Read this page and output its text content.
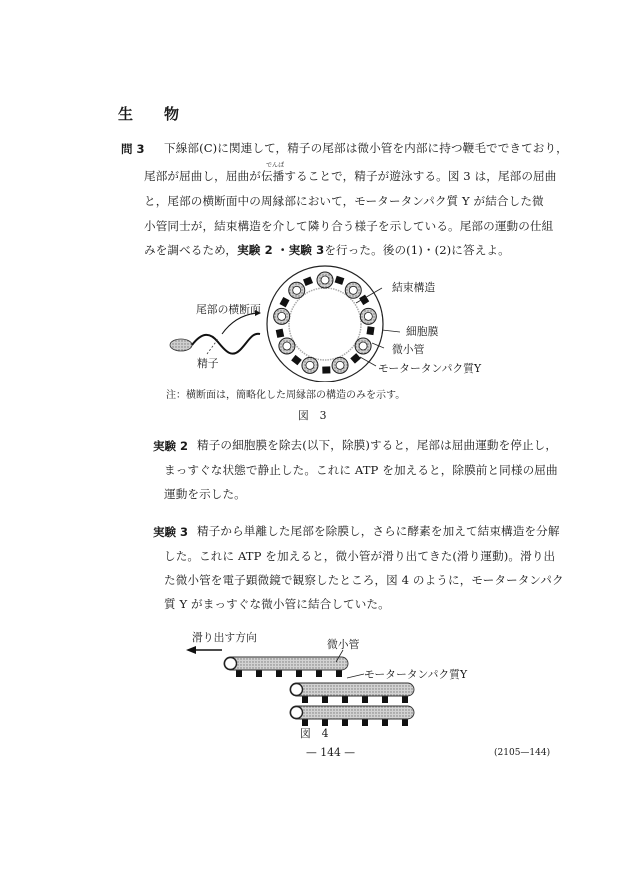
生　物
問 3 下線部(C)に関連して，精子の尾部は微小管を内部に持つ鞭毛でできており，
尾部が屈曲し，屈曲が
でんぱ
伝播することで，精子が遊泳する。図 3 は，尾部の屈曲
と，尾部の横断面中の周縁部において，モータータンパク質 Y が結合した微
小管同士が，結束構造を介して隣り合う様子を示している。尾部の運動の仕組
みを調べるため，実験 2 ・実験 3を行った。後の(1)・(2)に答えよ。
尾部の横断面
精子
結束構造
細胞膜
微小管
モータータンパク質Y
注：横断面は，簡略化した周縁部の構造のみを示す。
図　3
実験 2 精子の細胞膜を除去(以下，除膜)すると，尾部は屈曲運動を停止し，
まっすぐな状態で静止した。これに ATP を加えると，除膜前と同様の屈曲
運動を示した。
実験 3 精子から単離した尾部を除膜し，さらに酵素を加えて結束構造を分解
した。これに ATP を加えると，微小管が滑り出てきた(滑り運動)。滑り出
た微小管を電子顕微鏡で観察したところ，図 4 のように，モータータンパク
質 Y がまっすぐな微小管に結合していた。
滑り出す方向
微小管
モータータンパク質Y
図　4
— 144 —	(2105—144)
